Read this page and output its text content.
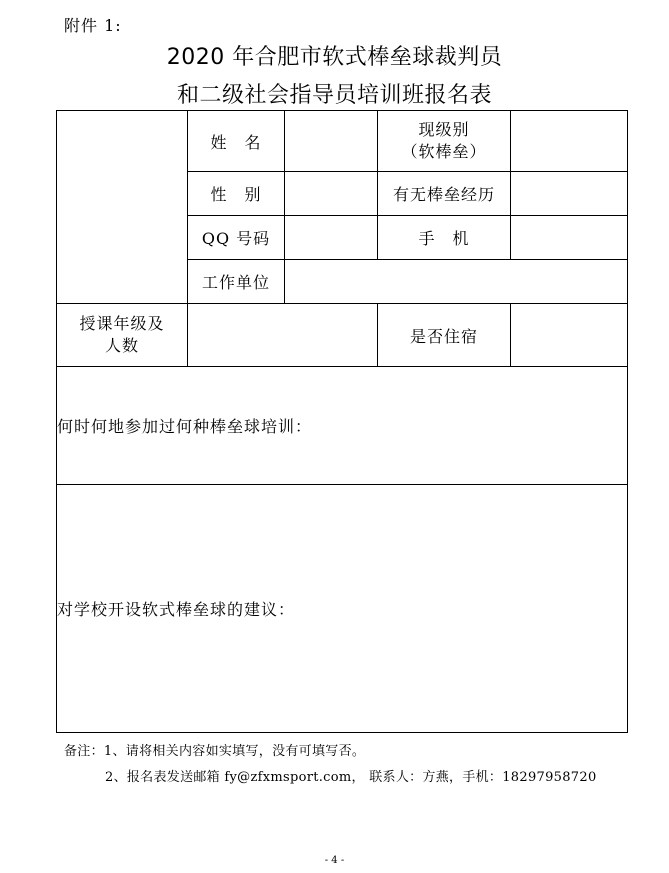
附件 1:
2020 年合肥市软式棒垒球裁判员
和二级社会指导员培训班报名表
	姓　名		现级别
（软棒垒）	

	性　别		有无棒垒经历	
	QQ 号码		手　机	
	工作单位			

授课年级及
人数			是否住宿	
何时何地参加过何种棒垒球培训：				
对学校开设软式棒垒球的建议：				
备注：1、请将相关内容如实填写，没有可填写否。
2、报名表发送邮箱 fy@zfxmsport.com， 联系人：方燕，手机：18297958720
- 4 -
